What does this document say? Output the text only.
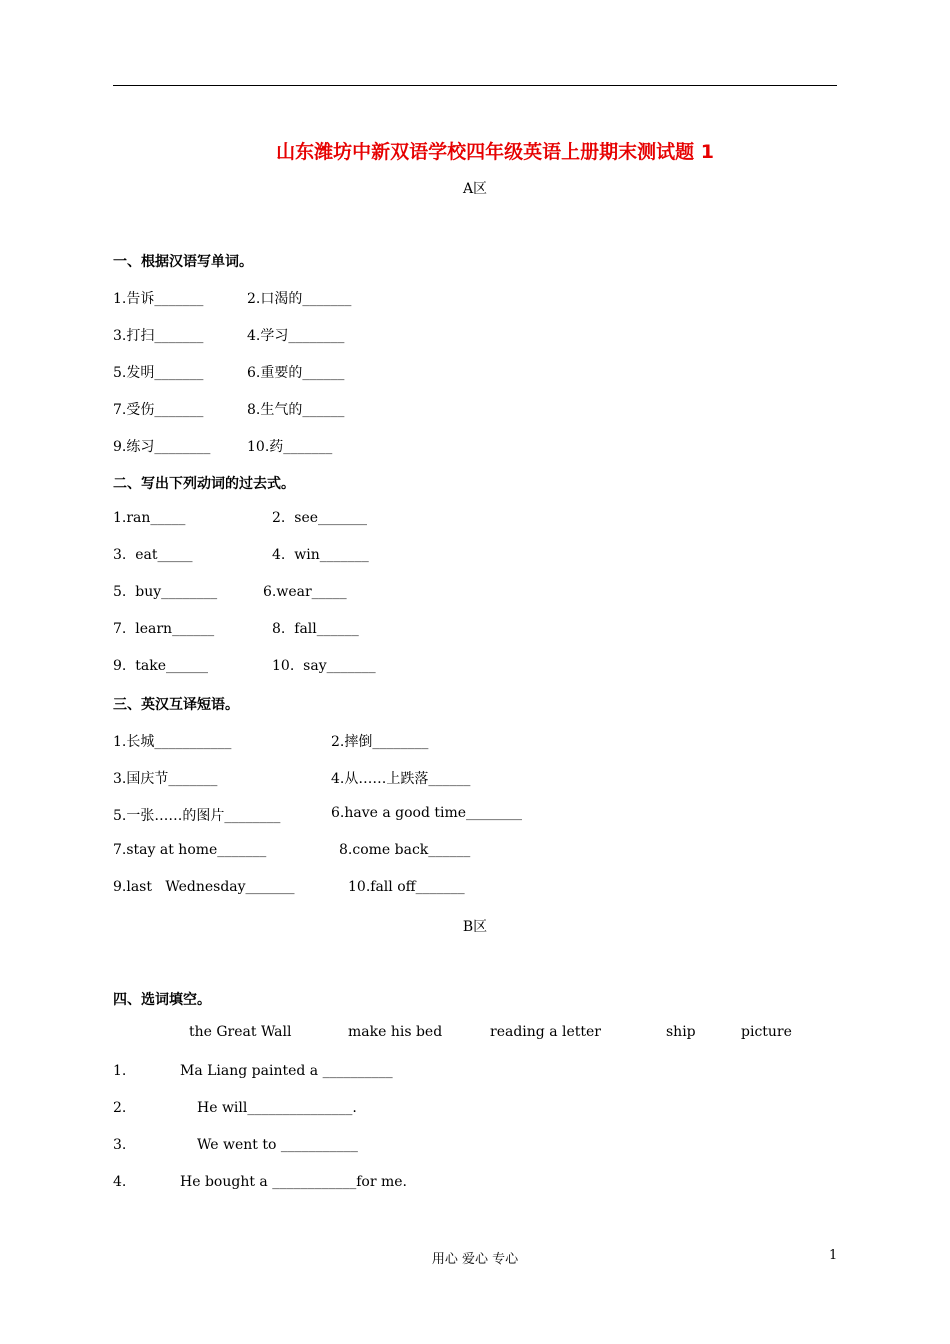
山东潍坊中新双语学校四年级英语上册期末测试题 1
A区
一、根据汉语写单词。
1.告诉_______	2.口渴的_______
3.打扫_______	4.学习________
5.发明_______	6.重要的______
7.受伤_______	8.生气的______
9.练习________	10.药_______
二、写出下列动词的过去式。
1.ran_____	2.  see_______
3.  eat_____	4.  win_______
5.  buy________	6.wear_____
7.  learn______	8.  fall______
9.  take______	10.  say_______
三、英汉互译短语。
1.长城___________	2.摔倒________
3.国庆节_______	4.从……上跌落______
5.一张……的图片________	6.have a good time________
7.stay at home_______	8.come back______
9.last   Wednesday_______	10.fall off_______
B区
四、选词填空。
the Great Wall	make his bed	reading a letter	ship	picture
1.	Ma Liang painted a __________
2.	He will_______________.
3.	We went to ___________
4.	He bought a ____________for me.
用心 爱心 专心	1
